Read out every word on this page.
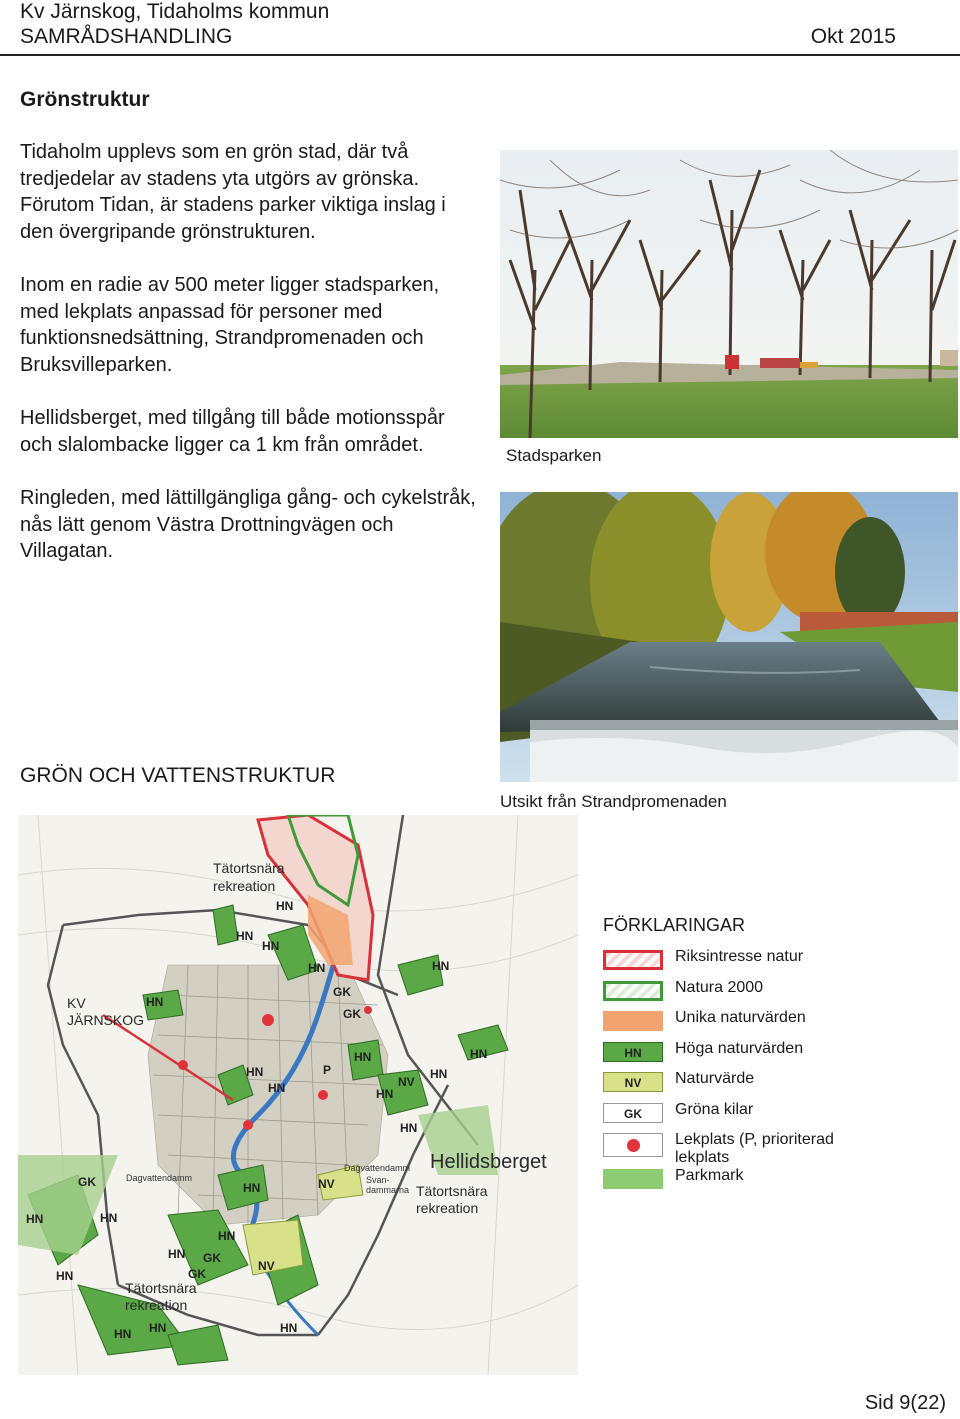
Kv Järnskog, Tidaholms kommun
SAMRÅDSHANDLING	Okt 2015
Grönstruktur

Tidaholm upplevs som en grön stad, där två tredjedelar av stadens yta utgörs av grönska. Förutom Tidan, är stadens parker viktiga inslag i den övergripande grönstrukturen.

Inom en radie av 500 meter ligger stadsparken, med lekplats anpassad för personer med funktionsnedsättning, Strandpromenaden och Bruksvilleparken.

Hellidsberget, med tillgång till både motionsspår och slalombacke ligger ca 1 km från området.

Ringleden, med lättillgängliga gång- och cykelstråk, nås lätt genom Västra Drottningvägen och Villagatan.

Stadsparken
Utsikt från Strandpromenaden
GRÖN OCH VATTENSTRUKTUR
KV
JÄRNSKOG
Tätortsnära
rekreation
Hellidsberget
Tätortsnära
rekreation
Tätortsnära
rekreation
Dagvattendamm
Dagvattendamm
Svan-
dammarna
HN
HN
HN
HN	HN
HN
GK
GK
HN	HN
HN	P
NV
HN
HN	HN
HN
GK	HN	NV
HN	HN
HN
HN GK
NV
GK
HN
HN HN	HN
FÖRKLARINGAR
Riksintresse natur
Natura 2000
Unika naturvärden
HN	Höga naturvärden
NV	Naturvärde
GK	Gröna kilar
Lekplats (P, prioriterad lekplats
Parkmark
Sid 9(22)
